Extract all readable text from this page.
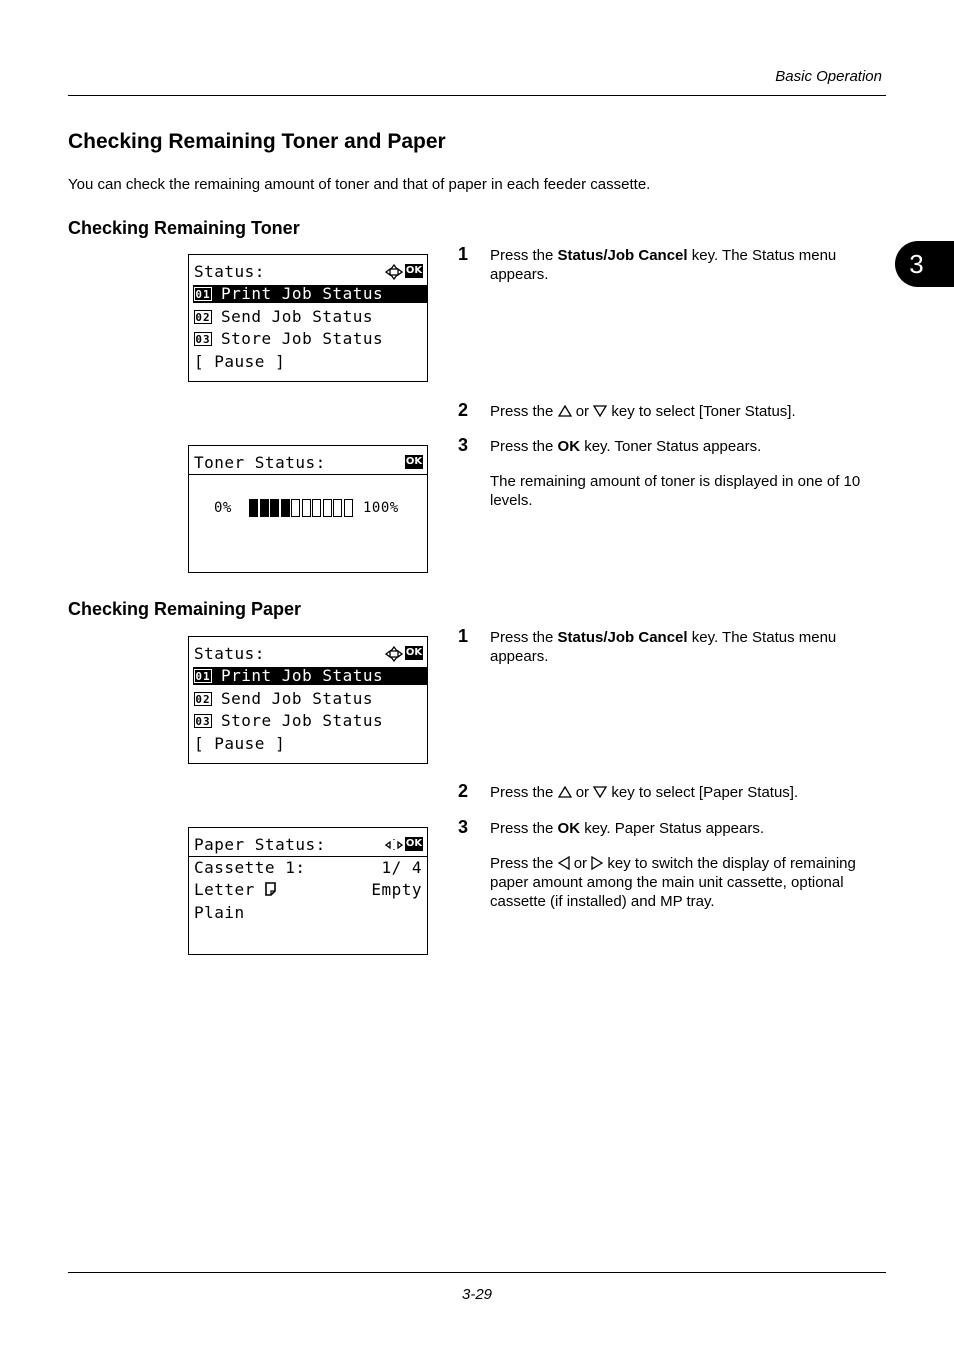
Basic Operation
3
Checking Remaining Toner and Paper
You can check the remaining amount of toner and that of paper in each feeder cassette.
Checking Remaining Toner
Status:	OK
01 Print Job Status
02 Send Job Status
03 Store Job Status
[ Pause ]
Toner Status:	OK
0%	100%
1 Press the Status/Job Cancel key. The Status menu appears.
2 Press the  or  key to select [Toner Status].
3 Press the OK key. Toner Status appears.
The remaining amount of toner is displayed in one of 10 levels.
Checking Remaining Paper
Status:	OK
01 Print Job Status
02 Send Job Status
03 Store Job Status
[ Pause ]
Paper Status:	OK
Cassette 1:	1/ 4
Letter	Empty
Plain
1 Press the Status/Job Cancel key. The Status menu appears.
2 Press the  or  key to select [Paper Status].
3 Press the OK key. Paper Status appears.
Press the  or  key to switch the display of remaining paper amount among the main unit cassette, optional cassette (if installed) and MP tray.
3-29
